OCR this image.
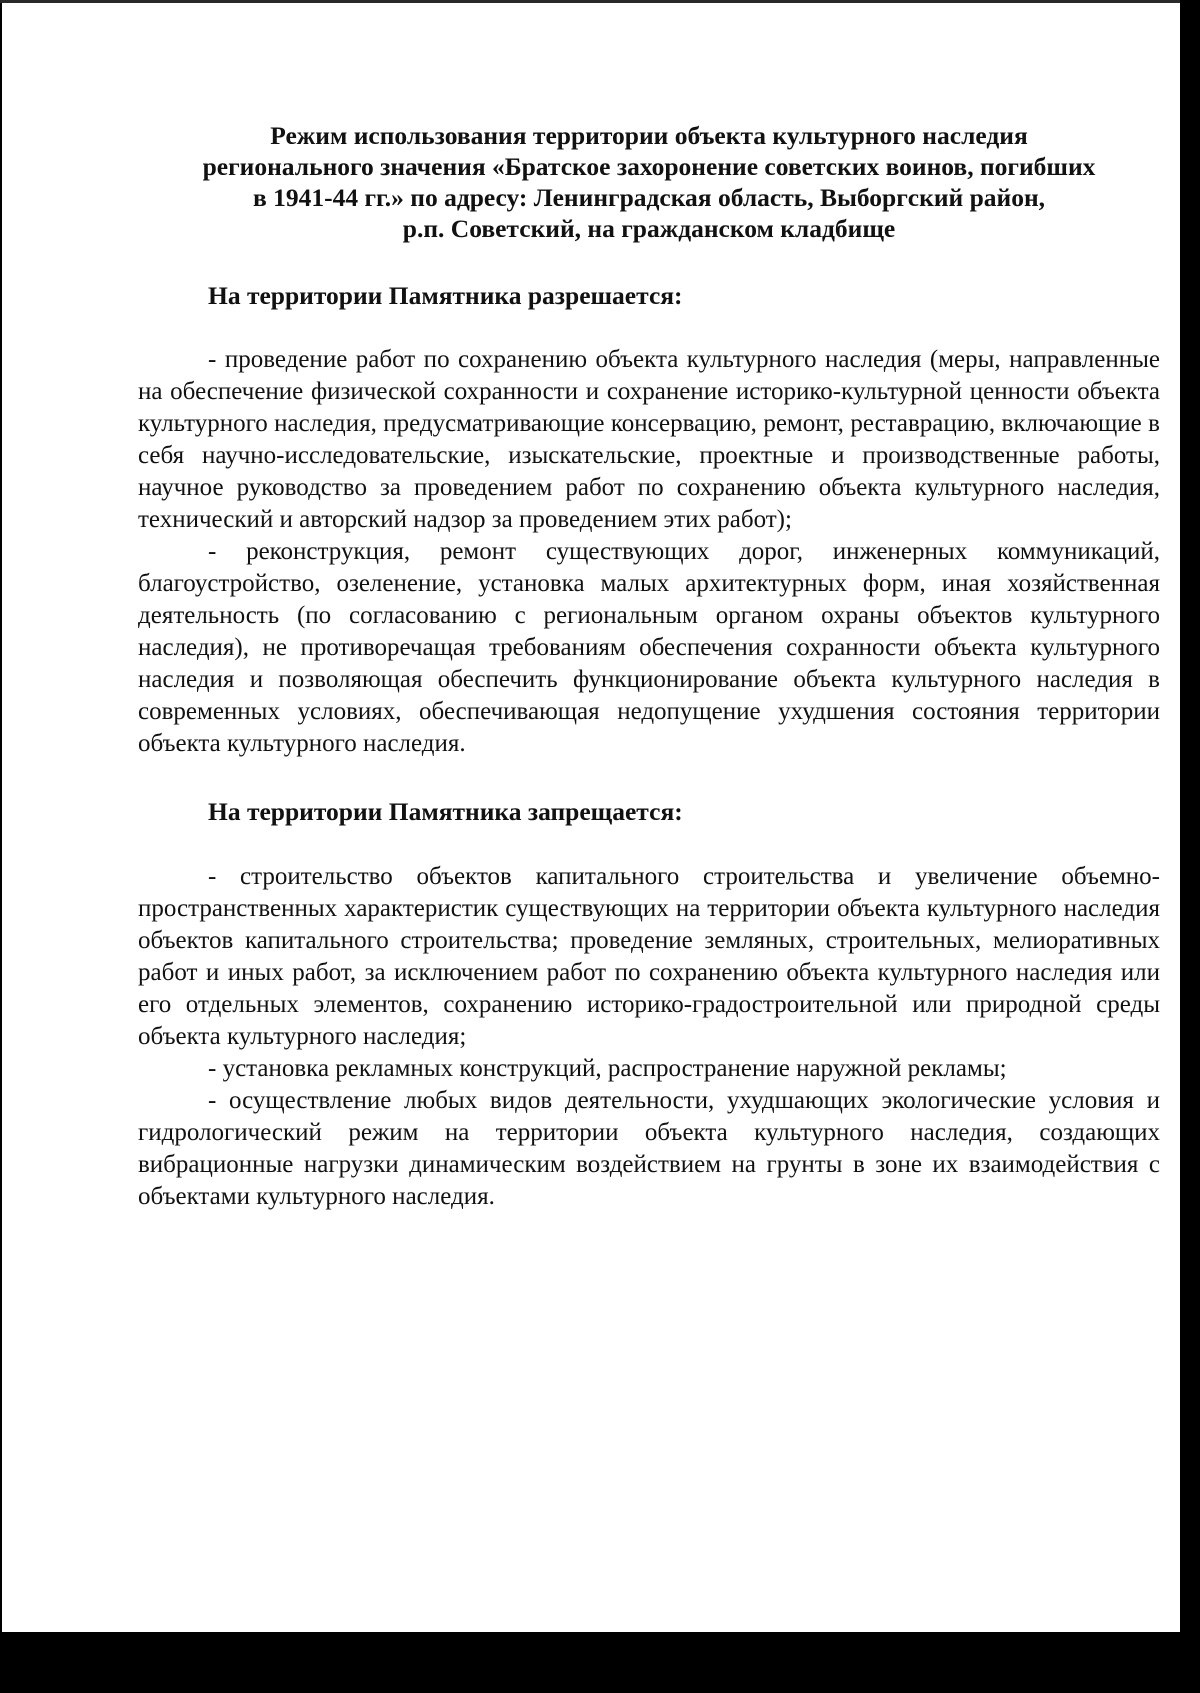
Режим использования территории объекта культурного наследия
регионального значения «Братское захоронение советских воинов, погибших
в 1941-44 гг.» по адресу: Ленинградская область, Выборгский район,
р.п. Советский, на гражданском кладбище
На территории Памятника разрешается:
- проведение работ по сохранению объекта культурного наследия (меры, направленные на обеспечение физической сохранности и сохранение историко-культурной ценности объекта культурного наследия, предусматривающие консервацию, ремонт, реставрацию, включающие в себя научно-исследовательские, изыскательские, проектные и производственные работы, научное руководство за проведением работ по сохранению объекта культурного наследия, технический и авторский надзор за проведением этих работ);
- реконструкция, ремонт существующих дорог, инженерных коммуникаций, благоустройство, озеленение, установка малых архитектурных форм, иная хозяйственная деятельность (по согласованию с региональным органом охраны объектов культурного наследия), не противоречащая требованиям обеспечения сохранности объекта культурного наследия и позволяющая обеспечить функционирование объекта культурного наследия в современных условиях, обеспечивающая недопущение ухудшения состояния территории объекта культурного наследия.
На территории Памятника запрещается:
- строительство объектов капитального строительства и увеличение объемно-пространственных характеристик существующих на территории объекта культурного наследия объектов капитального строительства; проведение земляных, строительных, мелиоративных работ и иных работ, за исключением работ по сохранению объекта культурного наследия или его отдельных элементов, сохранению историко-градостроительной или природной среды объекта культурного наследия;
- установка рекламных конструкций, распространение наружной рекламы;
- осуществление любых видов деятельности, ухудшающих экологические условия и гидрологический режим на территории объекта культурного наследия, создающих вибрационные нагрузки динамическим воздействием на грунты в зоне их взаимодействия с объектами культурного наследия.
